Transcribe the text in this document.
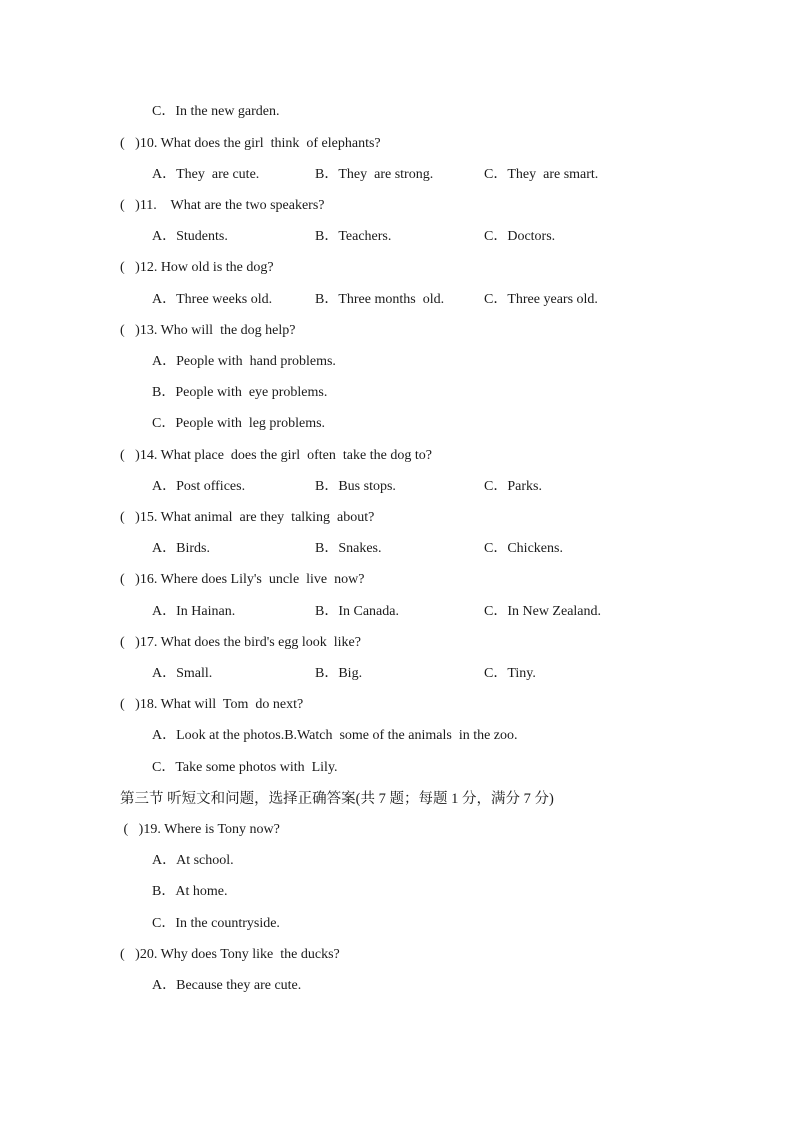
C．In the new garden.
(   )10. What does the girl  think  of elephants?
A．They  are cute.	B．They  are strong.	C．They  are smart.
(   )11.    What are the two speakers?
A．Students.	B．Teachers.	C．Doctors.
(   )12. How old is the dog?
A．Three weeks old.	B．Three months  old.	C．Three years old.
(   )13. Who will  the dog help?
A．People with  hand problems.
B．People with  eye problems.
C．People with  leg problems.
(   )14. What place  does the girl  often  take the dog to?
A．Post offices.	B．Bus stops.	C．Parks.
(   )15. What animal  are they  talking  about?
A．Birds.	B．Snakes.	C．Chickens.
(   )16. Where does Lily's  uncle  live  now?
A．In Hainan.	B．In Canada.	C．In New Zealand.
(   )17. What does the bird's egg look  like?
A．Small.	B．Big.	C．Tiny.
(   )18. What will  Tom  do next?
A．Look at the photos.B.Watch  some of the animals  in the zoo.
C．Take some photos with  Lily.
第三节 听短文和问题，选择正确答案(共 7 题；每题 1 分，满分 7 分)
(   )19. Where is Tony now?
A．At school.
B．At home.
C．In the countryside.
(   )20. Why does Tony like  the ducks?
A．Because they are cute.
